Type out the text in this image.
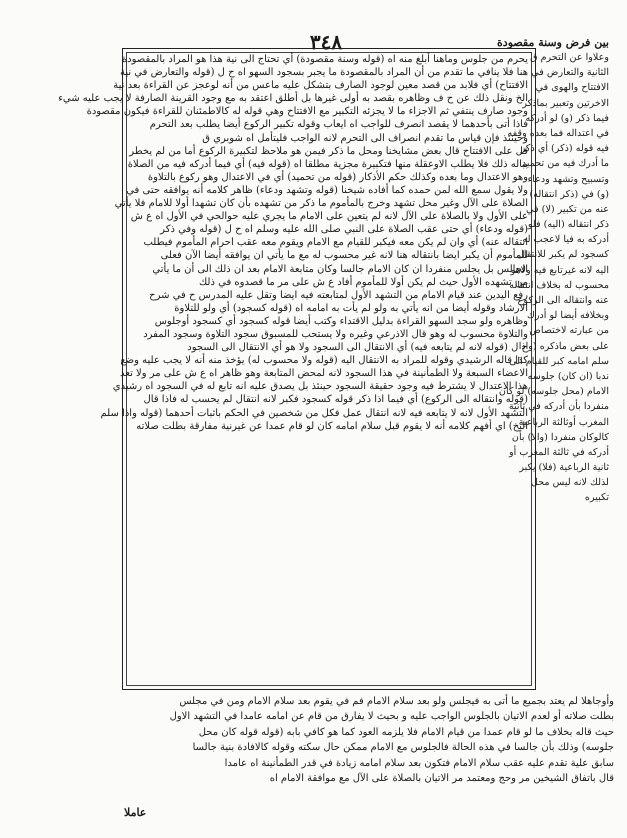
٣٤٨	بين فرض وسنة مقصودة
يحرم من جلوس وماهنا أبلغ منه اه (قوله وسنة مقصودة) أي تحتاج الى نية هذا هو المراد بالمقصودة
هنا فلا ينافي ما تقدم من أن المراد بالمقصودة ما يجبر بسجود السهو اه ح ل (قوله والتعارض في نية
الافتتاح) أي فلابد من قصد معين لوجود الصارف بتشكل عليه ماعس من أنه لوعجز عن القراءة بعد نية
الخ ونقل ذلك عن ح ف وظاهره بقصد به أولى غيرها بل أطلق اعتقد به مع وجود القرينة الصارفة لا يجب عليه شيء
وجود صارف ينتفي ثم الاجزاء ما لا يجزئه التكبير مع الافتتاح وهي قوله له كالاطمئنان للقراءة فيكون مقصودة
فاذا أتى بأحدهما لا يقصد انصرف للواجب اه ايعاب وقوله تكبير الركوع أيضا يطلب بعد التحرم
وحينئذ فإن قياس ما تقدم انصراف الى التحرم لانه الواجب فليتأمل اه شوبري ق
قل على الافتتاح قال بعض مشايخنا ومحل ما ذكر فيمن هو ملاحظ لتكبيرة الركوع أما من لم يخطر
بباله ذلك فلا يطلب الاوعقلة منها فتكبيرة مجزية مطلقا اه (قوله فيه) أي فيما أدركه فيه من الصلاة
وهو الاعتدال وما بعده وكذلك حكم الأذكار (قوله من تحميد) أي في الاعتدال وهو ركوع بالتلاوة
ولا يقول سمع الله لمن حمده كما أفاده شيخنا (قوله وتشهد ودعاء) ظاهر كلامه أنه يوافقه حتى في
الصلاة على الآل وغير محل تشهد وخرج بالمأموم ما ذكر من تشهده بأن كان تشهدا أولا للامام فلا يأتي
على الأول ولا بالصلاة على الآل لانه لم يتعين على الامام ما يجري عليه حوالحي في الأول اه ع ش
(قوله ودعاء) أي حتى عقب الصلاة على النبي صلى الله عليه وسلم اه ح ل (قوله وفي ذكر
انتقاله عنه) أي وان لم يكن معه فيكبر للقيام مع الامام ويقوم معه عقب احرام المأموم فيطلب
للمأموم أن يكبر ايضا بانتقاله هنا لانه غير محسوب له مع ما يأتي ان يوافقه أيضا الآن فعلى
الجالس بل يجلس منفردا ان كان الامام جالسا وكان متابعة الامام بعد ان ذلك الى أن ما يأتي
من تشهده الأول حيث لم يكن أولا للمأموم أفاد ع ش على مر ما قصدوه في ذلك
رفع اليدين عند قيام الامام من التشهد الأول لمتابعته فيه ايضا وتقل عليه المدرس ح في شرح
الارشاد وقوله أيضا من انه يأتي به ولو لم يأت به امامه اه (قوله كسجود) أي ولو للتلاوة
وظاهره ولو سجد السهو القراءة بدليل الاقتداء وكتب أيضا قوله كسجود أي كسجود أوجلوس
والتلاوة محسوب له وهو قال الاذرعي وغيره ولا يستحب للمسبوق سجود التلاوة وسجود المفرد
ح ل (قوله لانه لم يتابعه فيه) أي الانتقال الى السجود ولا هو أي الانتقال الى السجود
كذا قاله الرشيدي وقوله للمراد به الانتقال اليه (قوله ولا محسوب له) يؤخذ منه أنه لا يجب عليه وضع
الاعضاء السبعة ولا الطمأنينة في هذا السجود لانه لمحض المتابعة وهو ظاهر اه ع ش على مر ولا تعد
هذا الاعتدال لا يشترط فيه وجود حقيقة السجود حينئذ بل يصدق عليه انه تابع له في السجود اه رشيدي
(قوله وانتقاله الى الركوع) أي فيما اذا ذكر قوله كسجود فكبر لانه انتقال لم يحسب له فاذا قال
التشهد الأول لانه لا يتابعه فيه لانه انتقال عمل فكل من شخصين في الحكم باثبات أحدهما (قوله واذا سلم
اليخ) اي أفهم كلامه أنه لا يقوم قبل سلام امامه كان لو قام عمدا عن غيرنية مفارقة بطلت صلاته
وعلاوا عن التحرم ق
الثانية والتعارض في
الافتتاح والهوى في
الاخرتين وتعبير بماذكر
فيما ذكر (و) لو أدركه
في اعتداله فما بعده وقفه
فيه قوله (ذكر) أي ذكر
ما أدرك فيه من تحميد
وتسبيح وتشهد ودعاء
(و) في (ذكر انتقاله)
عنه من تكبير (لا) في
ذكر انتقاله (اليه) فلو
أدركه به فيا لاعجب له
كسجود لم يكبر للانتقال
اليه لانه غيرتابع فيه ولاهو
محسوب له بخلاف انتقاله
عنه وانتقاله الى الركوع
وبخلافه أيضا لو أدرك
من عبارته لاختصاص
على بعض ماذكره (واذا
سلم امامه كبر للقيام الى
ندبا (ان كان) جلوسه
الامام (محل جلوسه) لو كان
منفردا بأن أدركه في ثانية
المغرب أوثالثة الرباعية
كالوكان منفردا (والا) بأن
أدركه في ثالثة المغرب أو
ثانية الرباعية (فلا) يكبر
لذلك لانه ليس محل
تكبيره
وأوجاهلا لم يعتد بجميع ما أتى به فيجلس ولو بعد سلام الامام فم في يقوم بعد سلام الامام ومن في مجلس
بطلت صلاته أو لعدم الاتيان بالجلوس الواجب عليه و بحيث لا يفارق من قام عن امامه عامدا في التشهد الاول
حيث قاله بخلاف ما لو قام عمدا من قيام الامام فلا يلزمه العود كما هو كافي بابه (قوله قوله كان محل
جلوسه) وذلك بأن جالسا في هذه الحالة فالجلوس مع الامام ممكن حال سكته وقوله كالافادة بنية جالسا
سابق علية تقدم عليه عقب سلام الامام فتكون بعد سلام امامه زيادة في قدر الطمأنينة اه عامدا
قال باتفاق الشيخين مر وحج ومعتمد مر الاتيان بالصلاة على الآل مع موافقة الامام اه
عاملا
